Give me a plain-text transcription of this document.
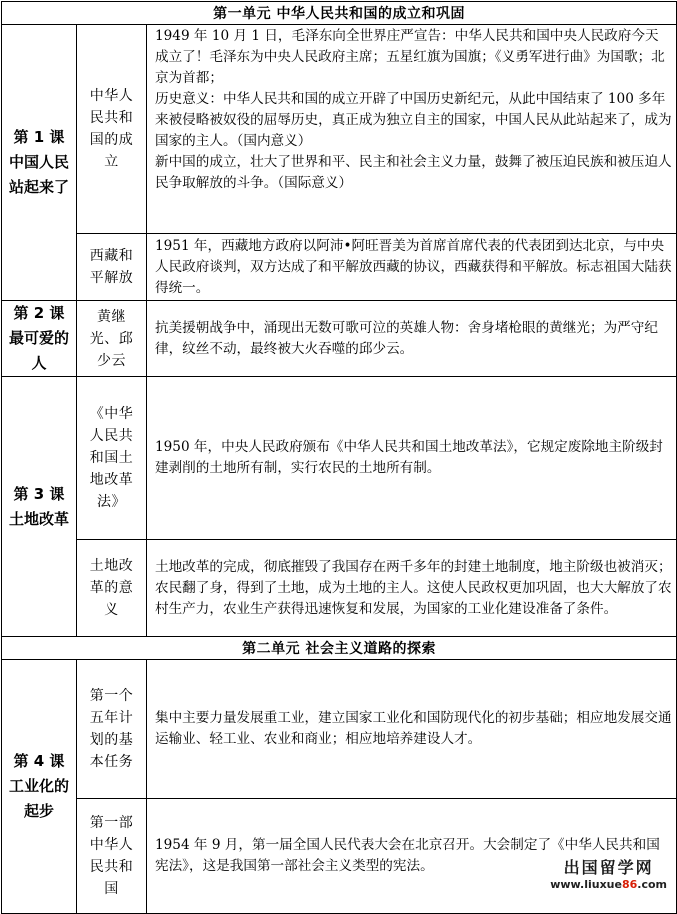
第一单元 中华人民共和国的成立和巩固		
第 1 课 中国人民站起来了	中华人民共和国的成立	1949 年 10 月 1 日，毛泽东向全世界庄严宣告：中华人民共和国中央人民政府今天成立了！毛泽东为中央人民政府主席；五星红旗为国旗；《义勇军进行曲》为国歌；北京为首都；
历史意义：中华人民共和国的成立开辟了中国历史新纪元，从此中国结束了 100 多年来被侵略被奴役的屈辱历史，真正成为独立自主的国家，中国人民从此站起来了，成为国家的主人。（国内意义）
新中国的成立，壮大了世界和平、民主和社会主义力量，鼓舞了被压迫民族和被压迫人民争取解放的斗争。（国际意义）

	西藏和平解放	1951 年，西藏地方政府以阿沛•阿旺晋美为首席首席代表的代表团到达北京，与中央人民政府谈判，双方达成了和平解放西藏的协议，西藏获得和平解放。标志祖国大陆获得统一。
第 2 课 最可爱的人	黄继光、邱少云	抗美援朝战争中，涌现出无数可歌可泣的英雄人物：舍身堵枪眼的黄继光；为严守纪律，纹丝不动，最终被大火吞噬的邱少云。
第 3 课 土地改革	《中华人民共和国土地改革法》	1950 年，中央人民政府颁布《中华人民共和国土地改革法》，它规定废除地主阶级封建剥削的土地所有制，实行农民的土地所有制。
	土地改革的意义	土地改革的完成，彻底摧毁了我国存在两千多年的封建土地制度，地主阶级也被消灭；农民翻了身，得到了土地，成为土地的主人。这使人民政权更加巩固，也大大解放了农村生产力，农业生产获得迅速恢复和发展，为国家的工业化建设准备了条件。
第二单元 社会主义道路的探索		
第 4 课 工业化的起步	第一个五年计划的基本任务	集中主要力量发展重工业，建立国家工业化和国防现代化的初步基础；相应地发展交通运输业、轻工业、农业和商业；相应地培养建设人才。
	第一部中华人民共和国	1954 年 9 月，第一届全国人民代表大会在北京召开。大会制定了《中华人民共和国宪法》，这是我国第一部社会主义类型的宪法。	出国留学网
www.liuxue86.com
